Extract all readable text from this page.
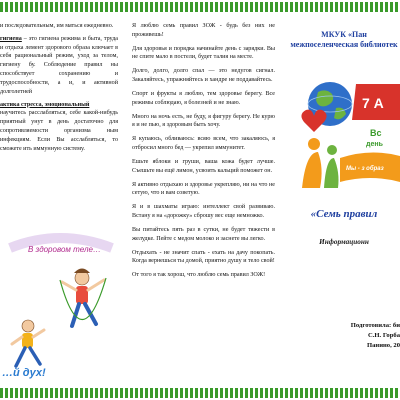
и последовательным, им маться ежедневно.

гигиена – это гигиена режима и быта, труда и отдыха лемент здорового образа ключает в себя рациональный режим, уход за телом, гигиену бу. Соблюдение правил ны способствует сохранению и трудоспособности, а и, и активной долголетней

актика стресса, эмоциональный
научитесь расслабляться, себе какой-нибудь приятный унут в день достаточно для сопротивляемости организма ным инфекциям. Если Вы асслабляться, то сможете ить иммунную систему.

В здоровом теле…
…й дух!

Я люблю семь правил ЗОЖ - будь без них не проживешь!

Для здоровья и порядка начинайте день с зарядки. Вы не спите мало в постели, будет талия на месте.

Долго, долго, долго спал — это недугов сигнал. Закаляйтесь, упражняйтесь и хандре не поддавайтесь.

Спорт и фрукты я люблю, тем здоровье берегу. Все режимы соблюдаю, я болезней и не знаю.

Много на ночь есть, не буду, я фигуру берегу. Не курю я и не пью, я здоровым быть хочу.

Я купаюсь, обливаюсь: всяю всем, что закаляюсь, я отбросил много бед — укрепил иммунитет.

Ешьте яблоки и груши, ваша кожа будет лучше. Съешьте вы ещё лимон, усвоить кальций поможет он.

Я активно отдыхаю и здоровье укрепляю, ни на что не сетую, что и вам советую.

Я и в шахматы играю: интеллект свой развиваю. Встану я на «дорожку» сброшу вес еще немножко.

Вы питайтесь пять раз в сутки, не будет тяжести в желудке. Пейте с медом молоко и заснете вы легко.

Отдыхать - не значит спать - ехать на дачу покопать. Когда вернешься ты домой, приятно душу и тело свой!

От того я так хорош, что люблю семь правил ЗОЖ!

МКУК «Пан межпоселенческая библиотек
7 А
Вс
день
Мы - з образ
«Семь правил
Информационн
Подготовила: би
С.Н. Горба
Панино, 20
